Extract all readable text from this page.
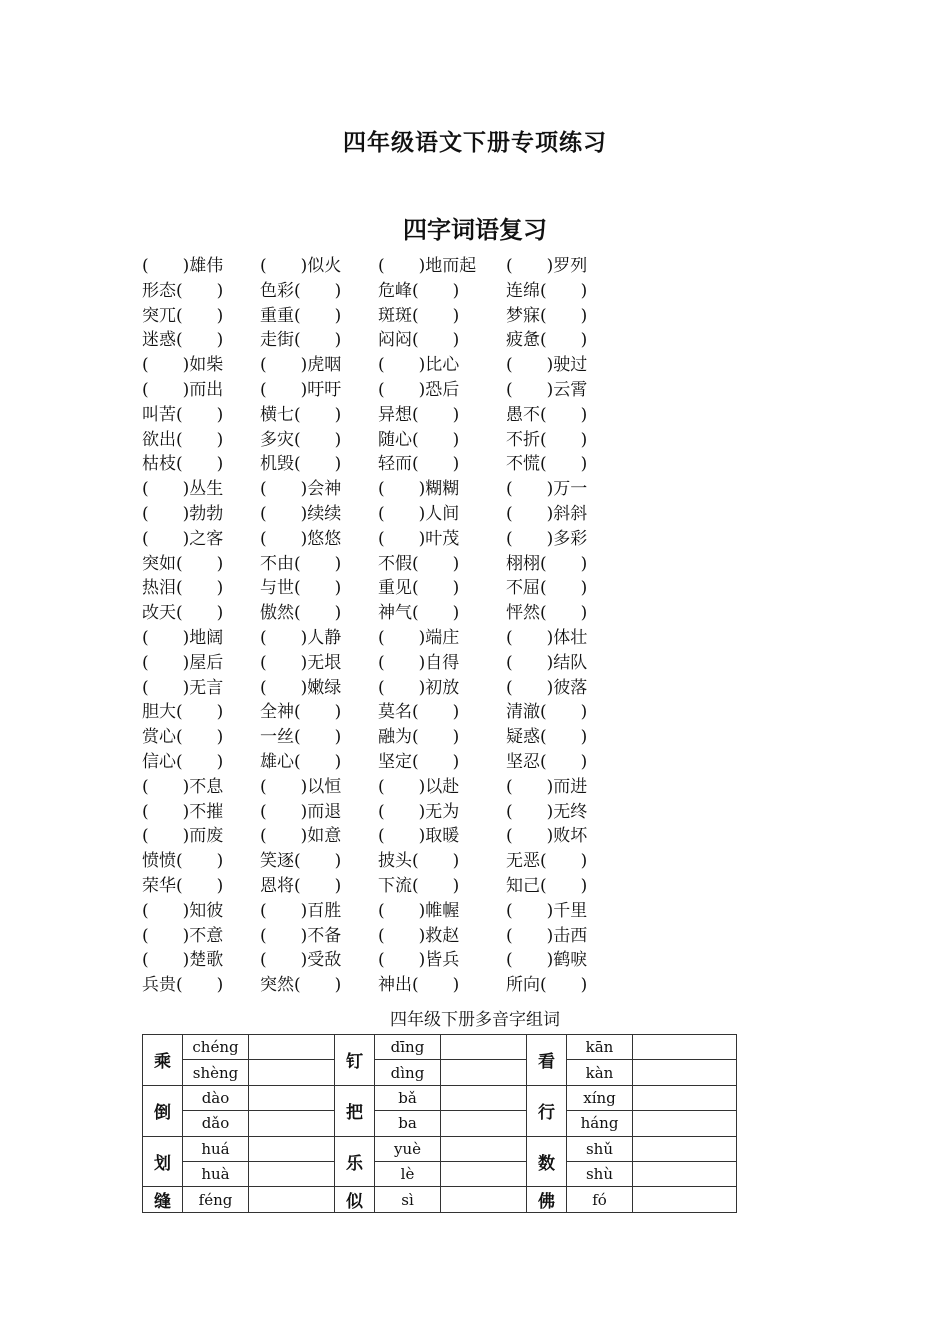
四年级语文下册专项练习
四字词语复习
(　　)雄伟 (　　)似火 (　　)地而起 (　　)罗列
形态(　　) 色彩(　　) 危峰(　　)	连绵(　　)
突兀(　　) 重重(　　) 斑斑(　　)	梦寐(　　)
迷惑(　　) 走街(　　) 闷闷(　　)	疲惫(　　)
(　　)如柴 (　　)虎咽 (　　)比心	(　　)驶过
(　　)而出 (　　)吁吁 (　　)恐后	(　　)云霄
叫苦(　　) 横七(　　) 异想(　　)	愚不(　　)
欲出(　　) 多灾(　　) 随心(　　)	不折(　　)
枯枝(　　) 机毁(　　) 轻而(　　)	不慌(　　)
(　　)丛生 (　　)会神 (　　)糊糊	(　　)万一
(　　)勃勃 (　　)续续 (　　)人间	(　　)斜斜
(　　)之客 (　　)悠悠 (　　)叶茂	(　　)多彩
突如(　　) 不由(　　) 不假(　　)	栩栩(　　)
热泪(　　) 与世(　　) 重见(　　)	不屈(　　)
改天(　　) 傲然(　　) 神气(　　)	怦然(　　)
(　　)地阔 (　　)人静 (　　)端庄	(　　)体壮
(　　)屋后 (　　)无垠 (　　)自得	(　　)结队
(　　)无言 (　　)嫩绿 (　　)初放	(　　)彼落
胆大(　　) 全神(　　) 莫名(　　)	清澈(　　)
赏心(　　) 一丝(　　) 融为(　　)	疑惑(　　)
信心(　　) 雄心(　　) 坚定(　　)	坚忍(　　)
(　　)不息 (　　)以恒 (　　)以赴	(　　)而进
(　　)不摧 (　　)而退 (　　)无为	(　　)无终
(　　)而废 (　　)如意 (　　)取暖	(　　)败坏
愤愤(　　) 笑逐(　　) 披头(　　)	无恶(　　)
荣华(　　) 恩将(　　) 下流(　　)	知己(　　)
(　　)知彼 (　　)百胜 (　　)帷幄	(　　)千里
(　　)不意 (　　)不备 (　　)救赵	(　　)击西
(　　)楚歌 (　　)受敌 (　　)皆兵	(　　)鹤唳
兵贵(　　) 突然(　　) 神出(　　)	所向(　　)
四年级下册多音字组词
乘	chéng		钉	dīng		看	kān	
	shèng			dìng			kàn	
倒	dào		把	bǎ		行	xíng	
	dǎo			ba			háng	
划	huá		乐	yuè		数	shǔ	
	huà			lè			shù	
缝	féng		似	sì		佛	fó	
